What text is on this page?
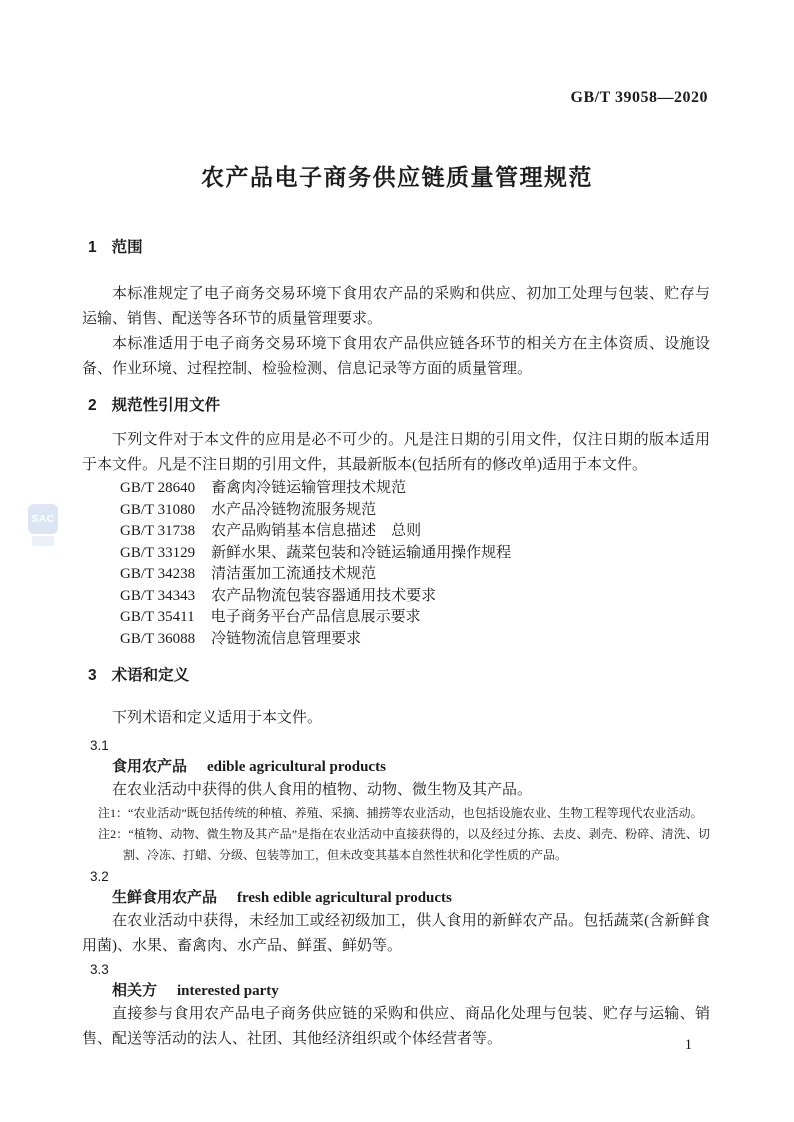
SAC
GB/T 39058—2020
农产品电子商务供应链质量管理规范
1 范围

本标准规定了电子商务交易环境下食用农产品的采购和供应、初加工处理与包装、贮存与运输、销售、配送等各环节的质量管理要求。

本标准适用于电子商务交易环境下食用农产品供应链各环节的相关方在主体资质、设施设备、作业环境、过程控制、检验检测、信息记录等方面的质量管理。

2 规范性引用文件

下列文件对于本文件的应用是必不可少的。凡是注日期的引用文件，仅注日期的版本适用于本文件。凡是不注日期的引用文件，其最新版本(包括所有的修改单)适用于本文件。

GB/T 28640 畜禽肉冷链运输管理技术规范
GB/T 31080 水产品冷链物流服务规范
GB/T 31738 农产品购销基本信息描述　总则
GB/T 33129 新鲜水果、蔬菜包装和冷链运输通用操作规程
GB/T 34238 清洁蛋加工流通技术规范
GB/T 34343 农产品物流包装容器通用技术要求
GB/T 35411 电子商务平台产品信息展示要求
GB/T 36088 冷链物流信息管理要求
3 术语和定义

下列术语和定义适用于本文件。

3.1
食用农产品 edible agricultural products

在农业活动中获得的供人食用的植物、动物、微生物及其产品。

注1：“农业活动”既包括传统的种植、养殖、采摘、捕捞等农业活动，也包括设施农业、生物工程等现代农业活动。

注2：“植物、动物、微生物及其产品”是指在农业活动中直接获得的，以及经过分拣、去皮、剥壳、粉碎、清洗、切割、冷冻、打蜡、分级、包装等加工，但未改变其基本自然性状和化学性质的产品。

3.2
生鲜食用农产品 fresh edible agricultural products

在农业活动中获得，未经加工或经初级加工，供人食用的新鲜农产品。包括蔬菜(含新鲜食用菌)、水果、畜禽肉、水产品、鲜蛋、鲜奶等。

3.3
相关方 interested party

直接参与食用农产品电子商务供应链的采购和供应、商品化处理与包装、贮存与运输、销售、配送等活动的法人、社团、其他经济组织或个体经营者等。	1
